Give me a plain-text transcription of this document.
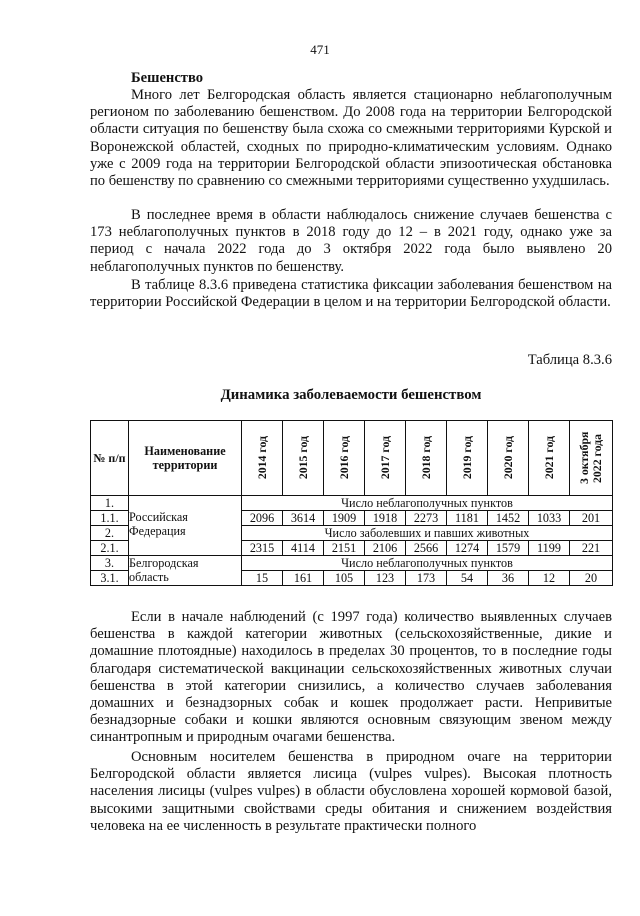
471
Бешенство

Много лет Белгородская область является стационарно неблагополучным регионом по заболеванию бешенством. До 2008 года на территории Белгородской области ситуация по бешенству была схожа со смежными территориями Курской и Воронежской областей, сходных по природно-климатическим условиям. Однако уже с 2009 года на территории Белгородской области эпизоотическая обстановка по бешенству по сравнению со смежными территориями существенно ухудшилась.

В последнее время в области наблюдалось снижение случаев бешенства с 173 неблагополучных пунктов в 2018 году до 12 – в 2021 году, однако уже за период с начала 2022 года до 3 октября 2022 года было выявлено 20 неблагополучных пунктов по бешенству.

В таблице 8.3.6 приведена статистика фиксации заболевания бешенством на территории Российской Федерации в целом и на территории Белгородской области.

Таблица 8.3.6
Динамика заболеваемости бешенством
№ п/п	Наименование территории	2014 год	2015 год	2016 год	2017 год	2018 год	2019 год	2020 год	2021 год	3 октября 2022 года

1.	Российская Федерация	Число неблагополучных пунктов								
1.1.		2096	3614	1909	1918	2273	1181	1452	1033	201
2.		Число заболевших и павших животных								
2.1.		2315	4114	2151	2106	2566	1274	1579	1199	221
3.	Белгородская область	Число неблагополучных пунктов								
3.1.		15	161	105	123	173	54	36	12	20

Если в начале наблюдений (с 1997 года) количество выявленных случаев бешенства в каждой категории животных (сельскохозяйственные, дикие и домашние плотоядные) находилось в пределах 30 процентов, то в последние годы благодаря систематической вакцинации сельскохозяйственных животных случаи бешенства в этой категории снизились, а количество случаев заболевания домашних и безнадзорных собак и кошек продолжает расти. Непривитые безнадзорные собаки и кошки являются основным связующим звеном между синантропным и природным очагами бешенства.

Основным носителем бешенства в природном очаге на территории Белгородской области является лисица (vulpes vulpes). Высокая плотность населения лисицы (vulpes vulpes) в области обусловлена хорошей кормовой базой, высокими защитными свойствами среды обитания и снижением воздействия человека на ее численность в результате практически полного
